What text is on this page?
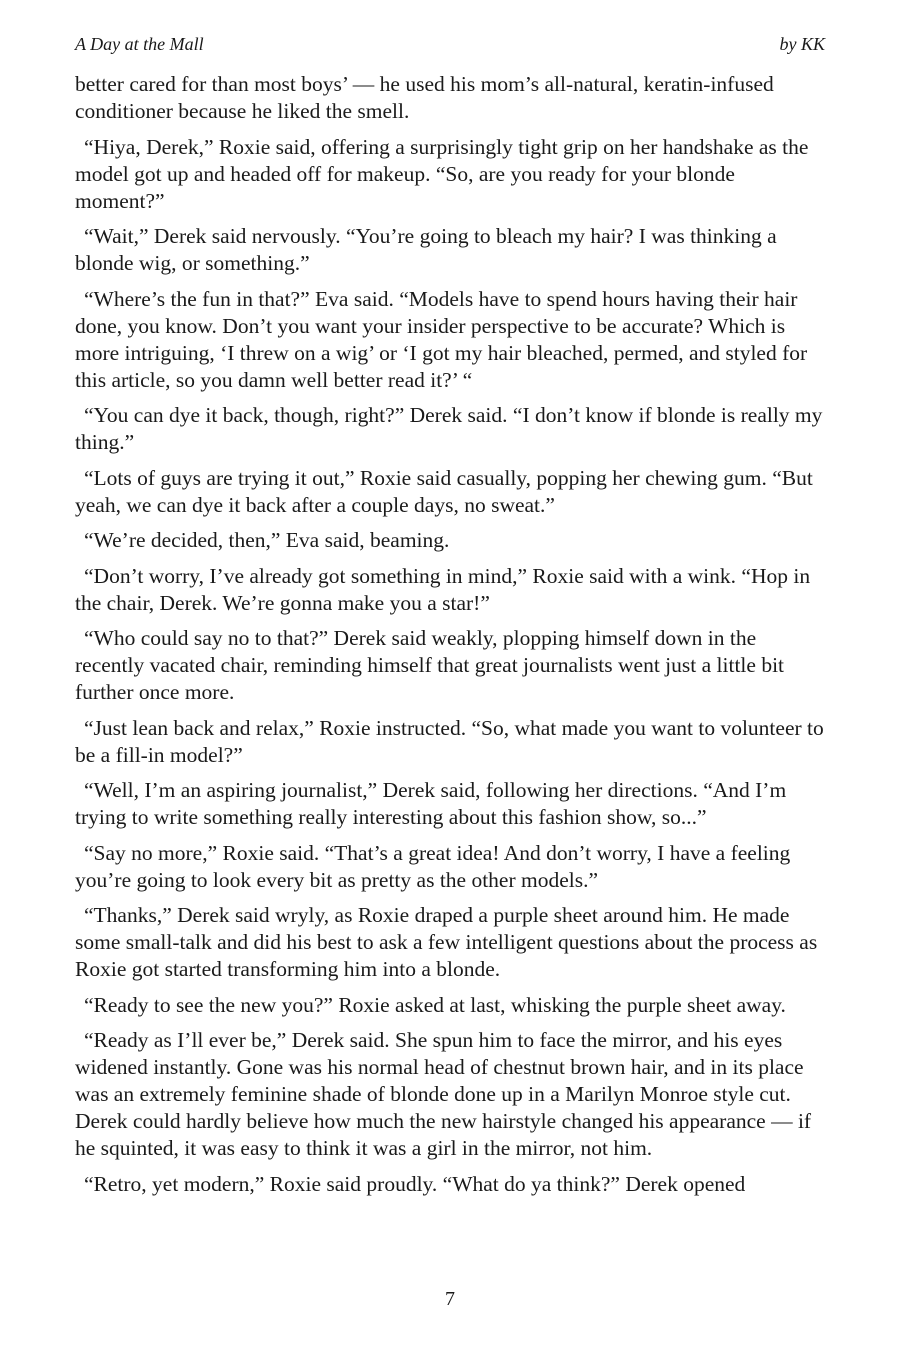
A Day at the Mall	by KK

better cared for than most boys’ — he used his mom’s all-natural, keratin-infused conditioner because he liked the smell.

“Hiya, Derek,” Roxie said, offering a surprisingly tight grip on her handshake as the model got up and headed off for makeup. “So, are you ready for your blonde moment?”

“Wait,” Derek said nervously. “You’re going to bleach my hair? I was thinking a blonde wig, or something.”

“Where’s the fun in that?” Eva said. “Models have to spend hours having their hair done, you know. Don’t you want your insider perspective to be accurate? Which is more intriguing, ‘I threw on a wig’ or ‘I got my hair bleached, permed, and styled for this article, so you damn well better read it?’ “

“You can dye it back, though, right?” Derek said. “I don’t know if blonde is really my thing.”

“Lots of guys are trying it out,” Roxie said casually, popping her chewing gum. “But yeah, we can dye it back after a couple days, no sweat.”

“We’re decided, then,” Eva said, beaming.

“Don’t worry, I’ve already got something in mind,” Roxie said with a wink. “Hop in the chair, Derek. We’re gonna make you a star!”

“Who could say no to that?” Derek said weakly, plopping himself down in the recently vacated chair, reminding himself that great journalists went just a little bit further once more.

“Just lean back and relax,” Roxie instructed. “So, what made you want to volunteer to be a fill-in model?”

“Well, I’m an aspiring journalist,” Derek said, following her directions. “And I’m trying to write something really interesting about this fashion show, so...”

“Say no more,” Roxie said. “That’s a great idea! And don’t worry, I have a feeling you’re going to look every bit as pretty as the other models.”

“Thanks,” Derek said wryly, as Roxie draped a purple sheet around him. He made some small-talk and did his best to ask a few intelligent questions about the process as Roxie got started transforming him into a blonde.

“Ready to see the new you?” Roxie asked at last, whisking the purple sheet away.

“Ready as I’ll ever be,” Derek said. She spun him to face the mirror, and his eyes widened instantly. Gone was his normal head of chestnut brown hair, and in its place was an extremely feminine shade of blonde done up in a Marilyn Monroe style cut. Derek could hardly believe how much the new hairstyle changed his appearance — if he squinted, it was easy to think it was a girl in the mirror, not him.

“Retro, yet modern,” Roxie said proudly. “What do ya think?” Derek opened

7
